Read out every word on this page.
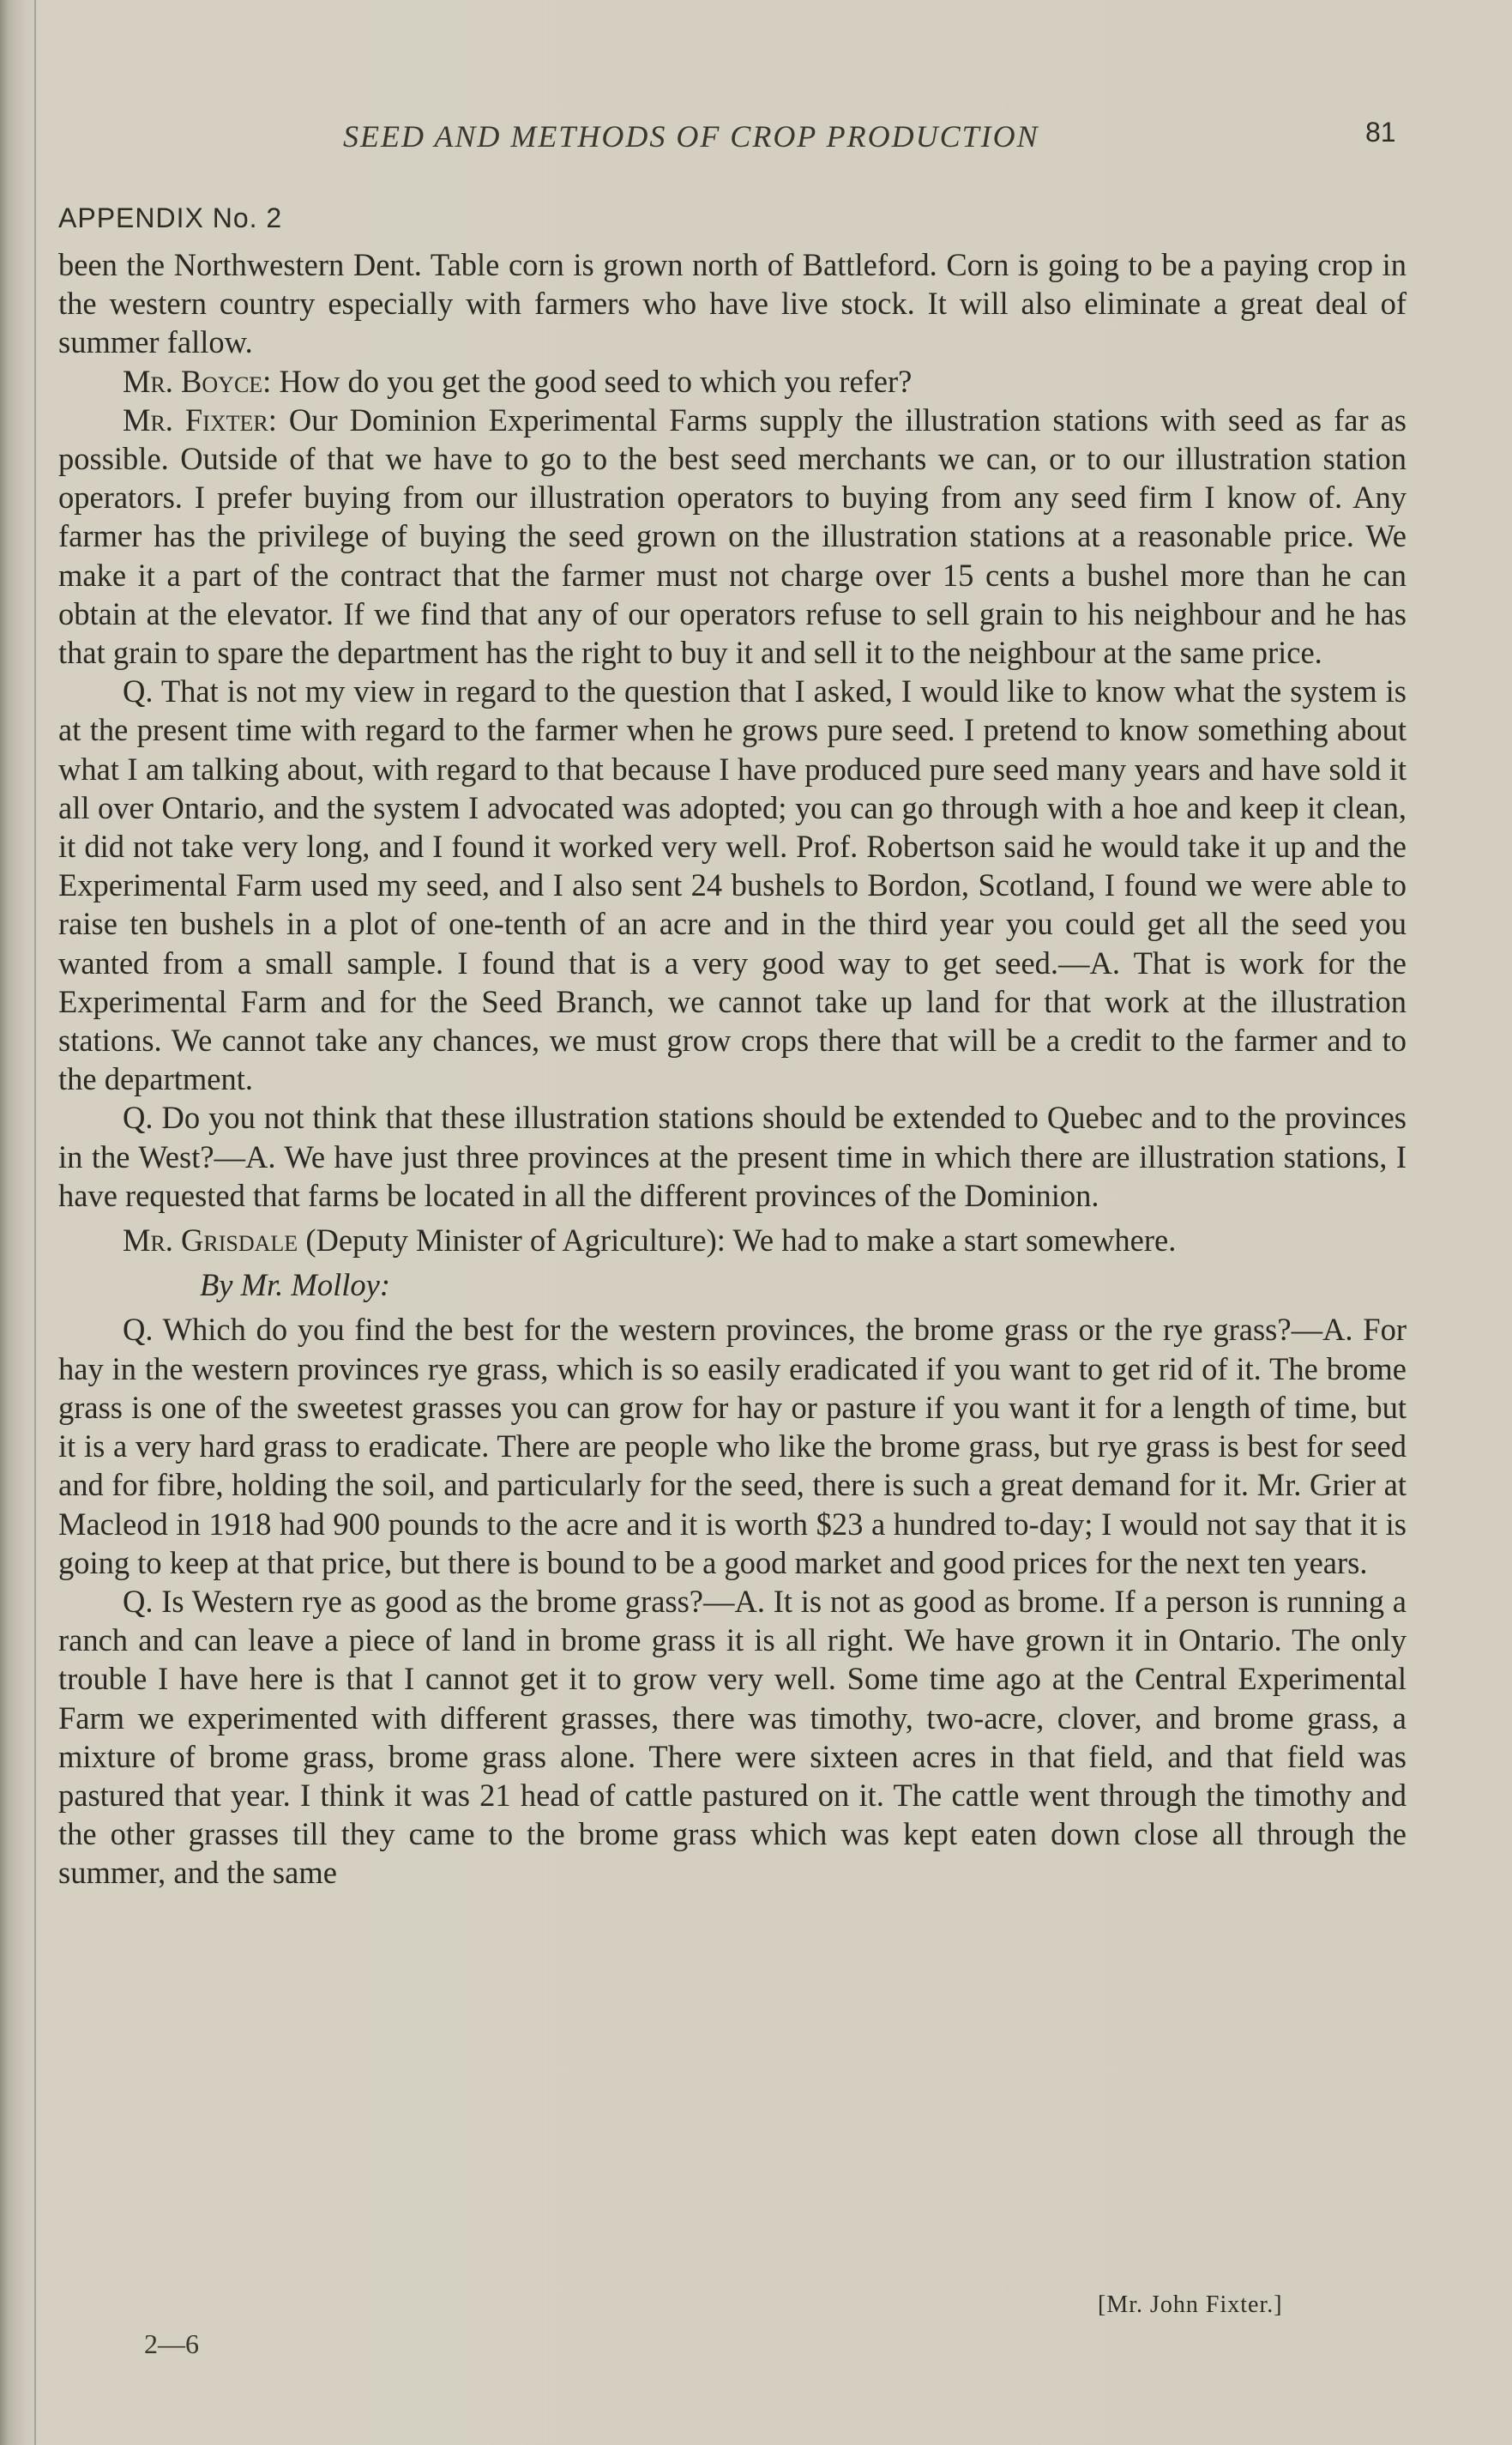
SEED AND METHODS OF CROP PRODUCTION	81
APPENDIX No. 2

been the Northwestern Dent. Table corn is grown north of Battleford. Corn is going to be a paying crop in the western country especially with farmers who have live stock. It will also eliminate a great deal of summer fallow.

Mr. Boyce: How do you get the good seed to which you refer?

Mr. Fixter: Our Dominion Experimental Farms supply the illustration stations with seed as far as possible. Outside of that we have to go to the best seed merchants we can, or to our illustration station operators. I prefer buying from our illustration operators to buying from any seed firm I know of. Any farmer has the privilege of buying the seed grown on the illustration stations at a reasonable price. We make it a part of the contract that the farmer must not charge over 15 cents a bushel more than he can obtain at the elevator. If we find that any of our operators refuse to sell grain to his neighbour and he has that grain to spare the department has the right to buy it and sell it to the neighbour at the same price.

Q. That is not my view in regard to the question that I asked, I would like to know what the system is at the present time with regard to the farmer when he grows pure seed. I pretend to know something about what I am talking about, with regard to that because I have produced pure seed many years and have sold it all over Ontario, and the system I advocated was adopted; you can go through with a hoe and keep it clean, it did not take very long, and I found it worked very well. Prof. Robertson said he would take it up and the Experimental Farm used my seed, and I also sent 24 bushels to Bordon, Scotland, I found we were able to raise ten bushels in a plot of one-tenth of an acre and in the third year you could get all the seed you wanted from a small sample. I found that is a very good way to get seed.—A. That is work for the Experimental Farm and for the Seed Branch, we cannot take up land for that work at the illustration stations. We cannot take any chances, we must grow crops there that will be a credit to the farmer and to the department.

Q. Do you not think that these illustration stations should be extended to Quebec and to the provinces in the West?—A. We have just three provinces at the present time in which there are illustration stations, I have requested that farms be located in all the different provinces of the Dominion.

Mr. Grisdale (Deputy Minister of Agriculture): We had to make a start somewhere.

By Mr. Molloy:

Q. Which do you find the best for the western provinces, the brome grass or the rye grass?—A. For hay in the western provinces rye grass, which is so easily eradicated if you want to get rid of it. The brome grass is one of the sweetest grasses you can grow for hay or pasture if you want it for a length of time, but it is a very hard grass to eradicate. There are people who like the brome grass, but rye grass is best for seed and for fibre, holding the soil, and particularly for the seed, there is such a great demand for it. Mr. Grier at Macleod in 1918 had 900 pounds to the acre and it is worth $23 a hundred to-day; I would not say that it is going to keep at that price, but there is bound to be a good market and good prices for the next ten years.

Q. Is Western rye as good as the brome grass?—A. It is not as good as brome. If a person is running a ranch and can leave a piece of land in brome grass it is all right. We have grown it in Ontario. The only trouble I have here is that I cannot get it to grow very well. Some time ago at the Central Experimental Farm we experimented with different grasses, there was timothy, two-acre, clover, and brome grass, a mixture of brome grass, brome grass alone. There were sixteen acres in that field, and that field was pastured that year. I think it was 21 head of cattle pastured on it. The cattle went through the timothy and the other grasses till they came to the brome grass which was kept eaten down close all through the summer, and the same

[Mr. John Fixter.]
2—6
